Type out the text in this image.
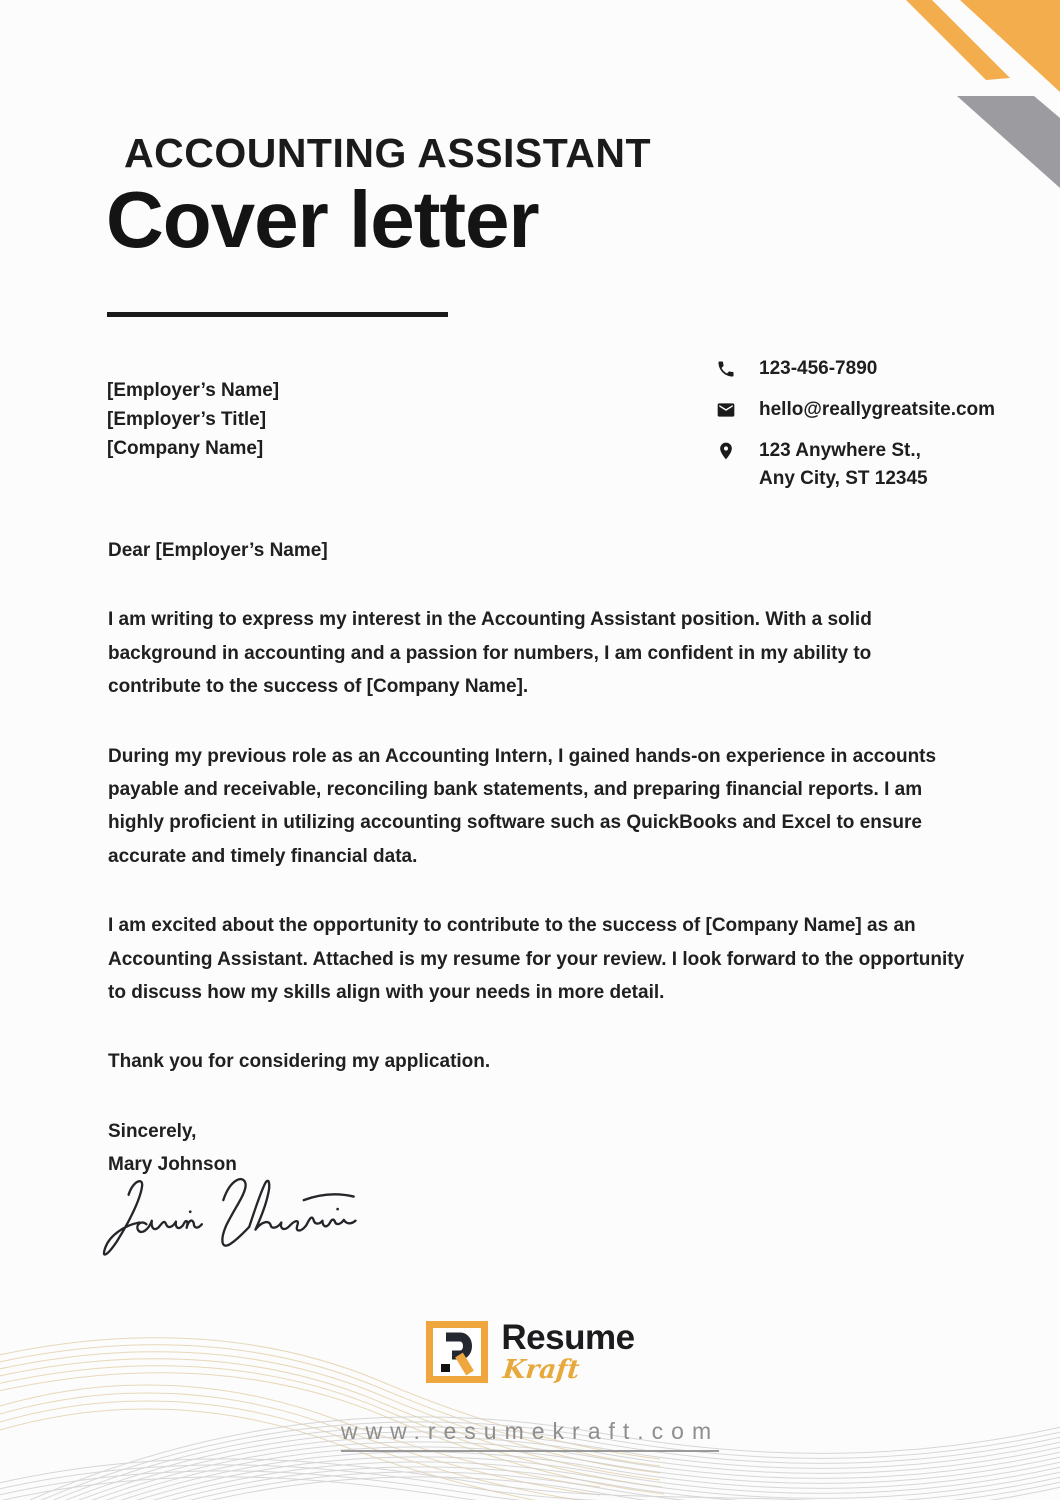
ACCOUNTING ASSISTANT
Cover letter
[Employer’s Name]
[Employer’s Title]
[Company Name]
123-456-7890
hello@reallygreatsite.com
123 Anywhere St.,
Any City, ST 12345

Dear [Employer’s Name]

I am writing to express my interest in the Accounting Assistant position. With a solid background in accounting and a passion for numbers, I am confident in my ability to contribute to the success of [Company Name].

During my previous role as an Accounting Intern, I gained hands-on experience in accounts payable and receivable, reconciling bank statements, and preparing financial reports. I am highly proficient in utilizing accounting software such as QuickBooks and Excel to ensure accurate and timely financial data.

I am excited about the opportunity to contribute to the success of [Company Name] as an Accounting Assistant. Attached is my resume for your review. I look forward to the opportunity to discuss how my skills align with your needs in more detail.

Thank you for considering my application.

Sincerely,

Mary Johnson

Resume
Kraft
www.resumekraft.com
